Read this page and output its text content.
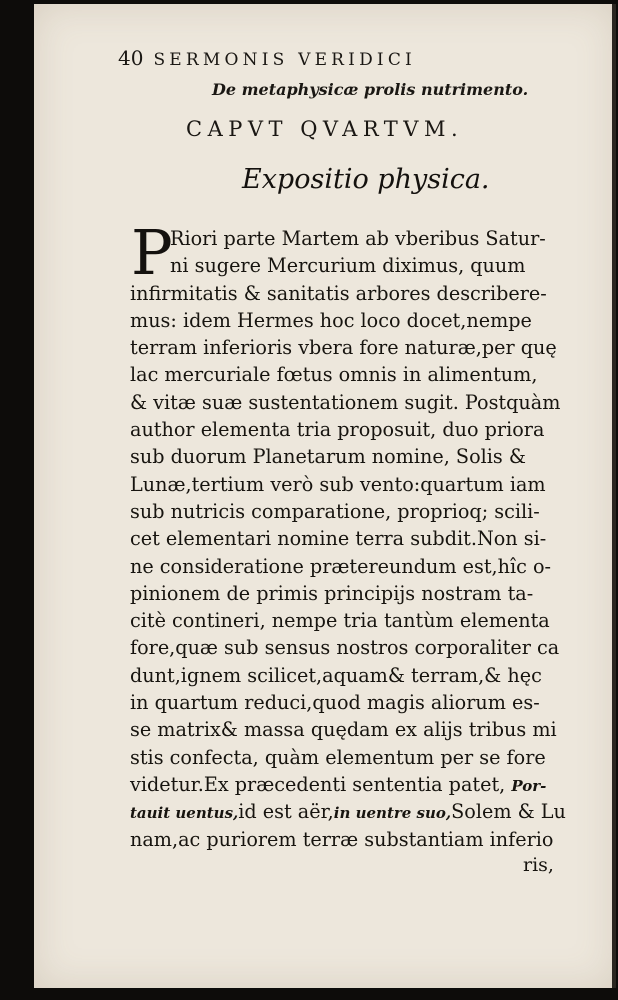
40 SERMONIS VERIDICI
De metaphysicæ prolis nutrimento.
CAPVT QVARTVM.
Expositio physica.
P
Riori parte Martem ab vberibus Satur-
ni sugere Mercurium diximus, quum
infirmitatis & sanitatis arbores describere-
mus: idem Hermes hoc loco docet,nempe
terram inferioris vbera fore naturæ,per quę
lac mercuriale fœtus omnis in alimentum,
& vitæ suæ sustentationem sugit. Postquàm
author elementa tria proposuit, duo priora
sub duorum Planetarum nomine, Solis &
Lunæ,tertium verò sub vento:quartum iam
sub nutricis comparatione, proprioq; scili-
cet elementari nomine terra subdit.Non si-
ne consideratione prætereundum est,hîc o-
pinionem de primis principijs nostram ta-
citè contineri, nempe tria tantùm elementa
fore,quæ sub sensus nostros corporaliter ca
dunt,ignem scilicet,aquam& terram,& hęc
in quartum reduci,quod magis aliorum es-
se matrix& massa quędam ex alijs tribus mi
stis confecta, quàm elementum per se fore
videtur.Ex præcedenti sententia patet, Por-
tauit uentus,id est aër,in uentre suo,Solem & Lu
nam,ac puriorem terræ substantiam inferio
ris,
